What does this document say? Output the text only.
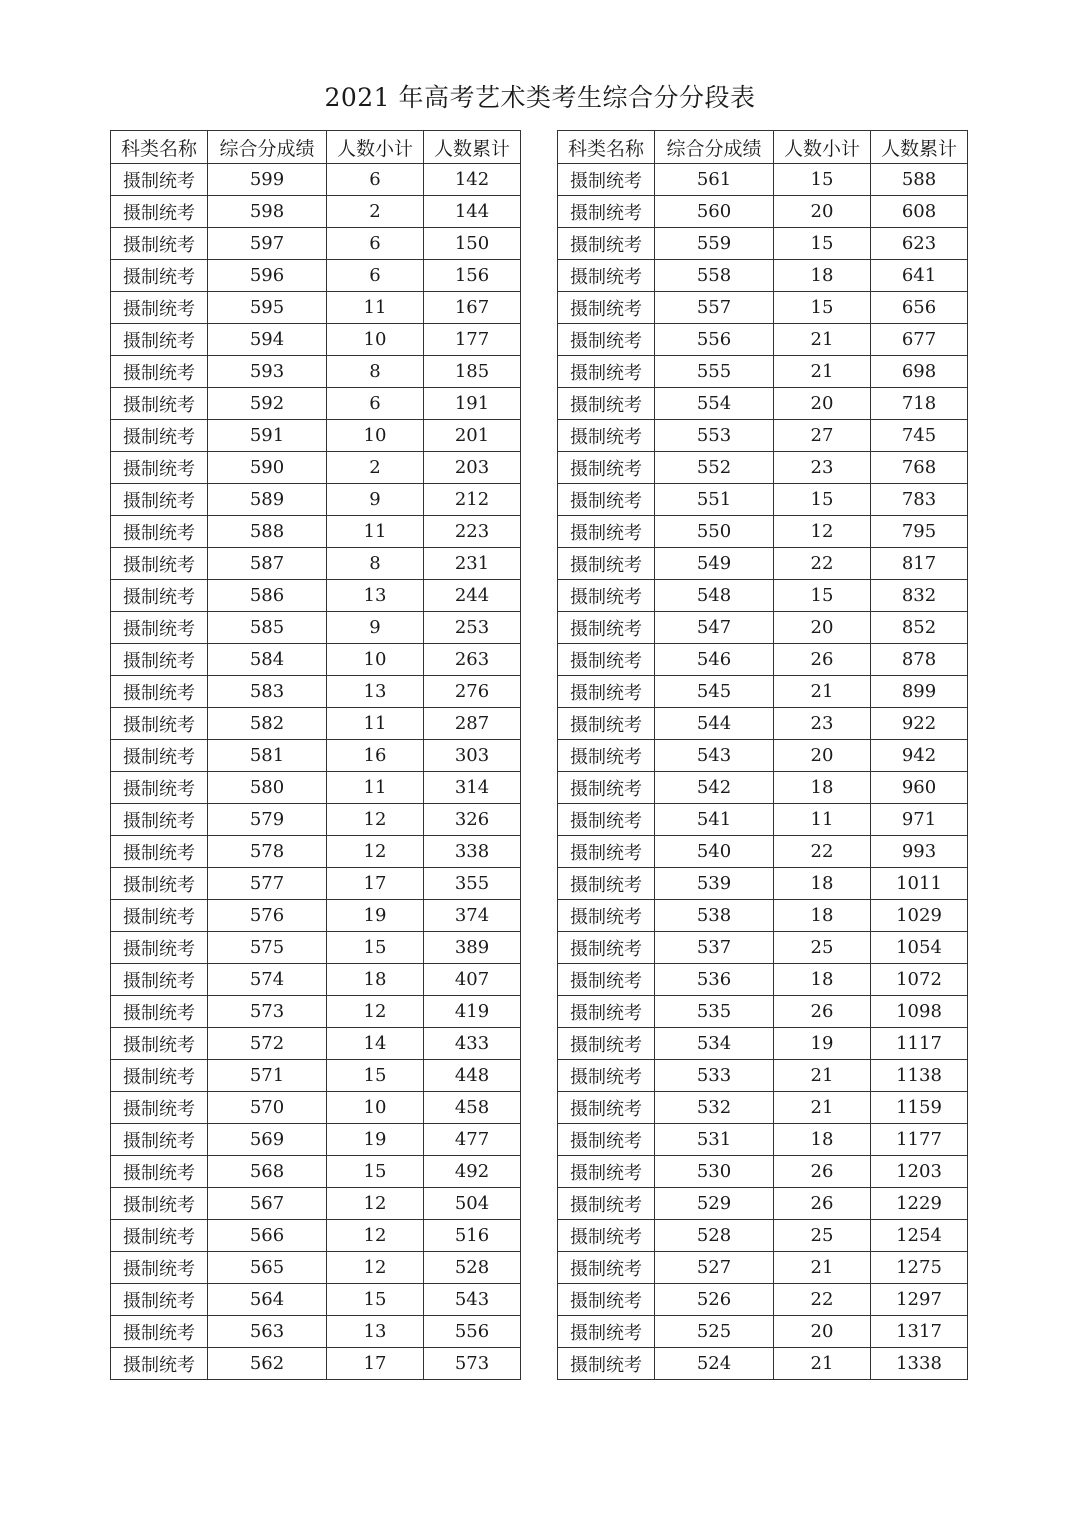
2021 年高考艺术类考生综合分分段表
科类名称	综合分成绩	人数小计	人数累计
摄制统考	599	6	142
摄制统考	598	2	144
摄制统考	597	6	150
摄制统考	596	6	156
摄制统考	595	11	167
摄制统考	594	10	177
摄制统考	593	8	185
摄制统考	592	6	191
摄制统考	591	10	201
摄制统考	590	2	203
摄制统考	589	9	212
摄制统考	588	11	223
摄制统考	587	8	231
摄制统考	586	13	244
摄制统考	585	9	253
摄制统考	584	10	263
摄制统考	583	13	276
摄制统考	582	11	287
摄制统考	581	16	303
摄制统考	580	11	314
摄制统考	579	12	326
摄制统考	578	12	338
摄制统考	577	17	355
摄制统考	576	19	374
摄制统考	575	15	389
摄制统考	574	18	407
摄制统考	573	12	419
摄制统考	572	14	433
摄制统考	571	15	448
摄制统考	570	10	458
摄制统考	569	19	477
摄制统考	568	15	492
摄制统考	567	12	504
摄制统考	566	12	516
摄制统考	565	12	528
摄制统考	564	15	543
摄制统考	563	13	556
摄制统考	562	17	573
科类名称	综合分成绩	人数小计	人数累计
摄制统考	561	15	588
摄制统考	560	20	608
摄制统考	559	15	623
摄制统考	558	18	641
摄制统考	557	15	656
摄制统考	556	21	677
摄制统考	555	21	698
摄制统考	554	20	718
摄制统考	553	27	745
摄制统考	552	23	768
摄制统考	551	15	783
摄制统考	550	12	795
摄制统考	549	22	817
摄制统考	548	15	832
摄制统考	547	20	852
摄制统考	546	26	878
摄制统考	545	21	899
摄制统考	544	23	922
摄制统考	543	20	942
摄制统考	542	18	960
摄制统考	541	11	971
摄制统考	540	22	993
摄制统考	539	18	1011
摄制统考	538	18	1029
摄制统考	537	25	1054
摄制统考	536	18	1072
摄制统考	535	26	1098
摄制统考	534	19	1117
摄制统考	533	21	1138
摄制统考	532	21	1159
摄制统考	531	18	1177
摄制统考	530	26	1203
摄制统考	529	26	1229
摄制统考	528	25	1254
摄制统考	527	21	1275
摄制统考	526	22	1297
摄制统考	525	20	1317
摄制统考	524	21	1338
